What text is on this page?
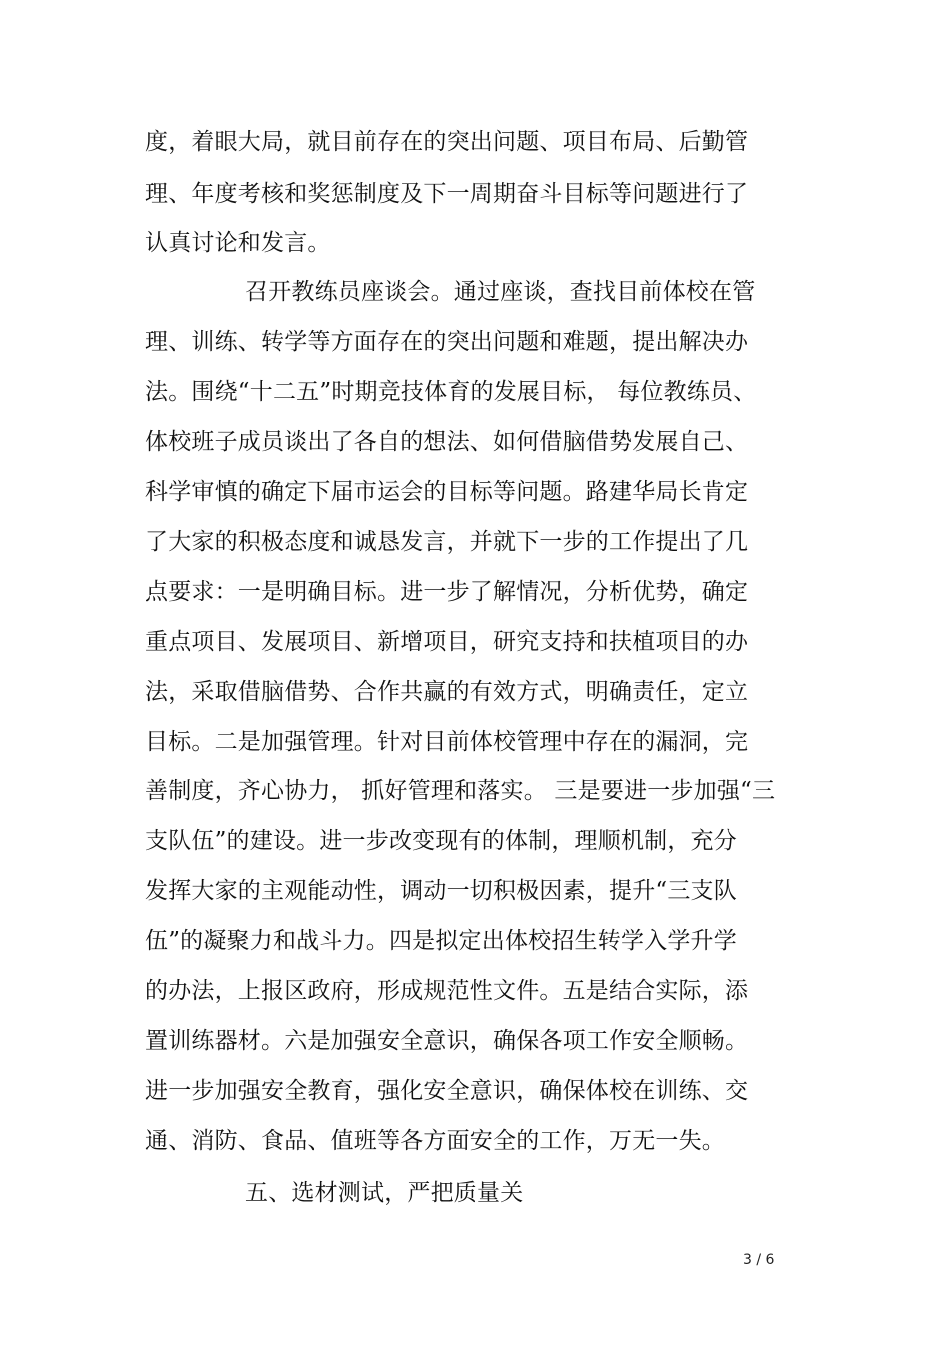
度，着眼大局，就目前存在的突出问题、项目布局、后勤管
理、年度考核和奖惩制度及下一周期奋斗目标等问题进行了
认真讨论和发言。
召开教练员座谈会。通过座谈，查找目前体校在管
理、训练、转学等方面存在的突出问题和难题，提出解决办
法。围绕“十二五”时期竞技体育的发展目标， 每位教练员、
体校班子成员谈出了各自的想法、如何借脑借势发展自己、
科学审慎的确定下届市运会的目标等问题。路建华局长肯定
了大家的积极态度和诚恳发言，并就下一步的工作提出了几
点要求：一是明确目标。进一步了解情况，分析优势，确定
重点项目、发展项目、新增项目，研究支持和扶植项目的办
法，采取借脑借势、合作共赢的有效方式，明确责任，定立
目标。二是加强管理。针对目前体校管理中存在的漏洞，完
善制度，齐心协力， 抓好管理和落实。 三是要进一步加强“三
支队伍”的建设。进一步改变现有的体制，理顺机制，充分
发挥大家的主观能动性，调动一切积极因素，提升“三支队
伍”的凝聚力和战斗力。四是拟定出体校招生转学入学升学
的办法，上报区政府，形成规范性文件。五是结合实际，添
置训练器材。六是加强安全意识，确保各项工作安全顺畅。
进一步加强安全教育，强化安全意识，确保体校在训练、交
通、消防、食品、值班等各方面安全的工作，万无一失。
五、选材测试，严把质量关
3 / 6
